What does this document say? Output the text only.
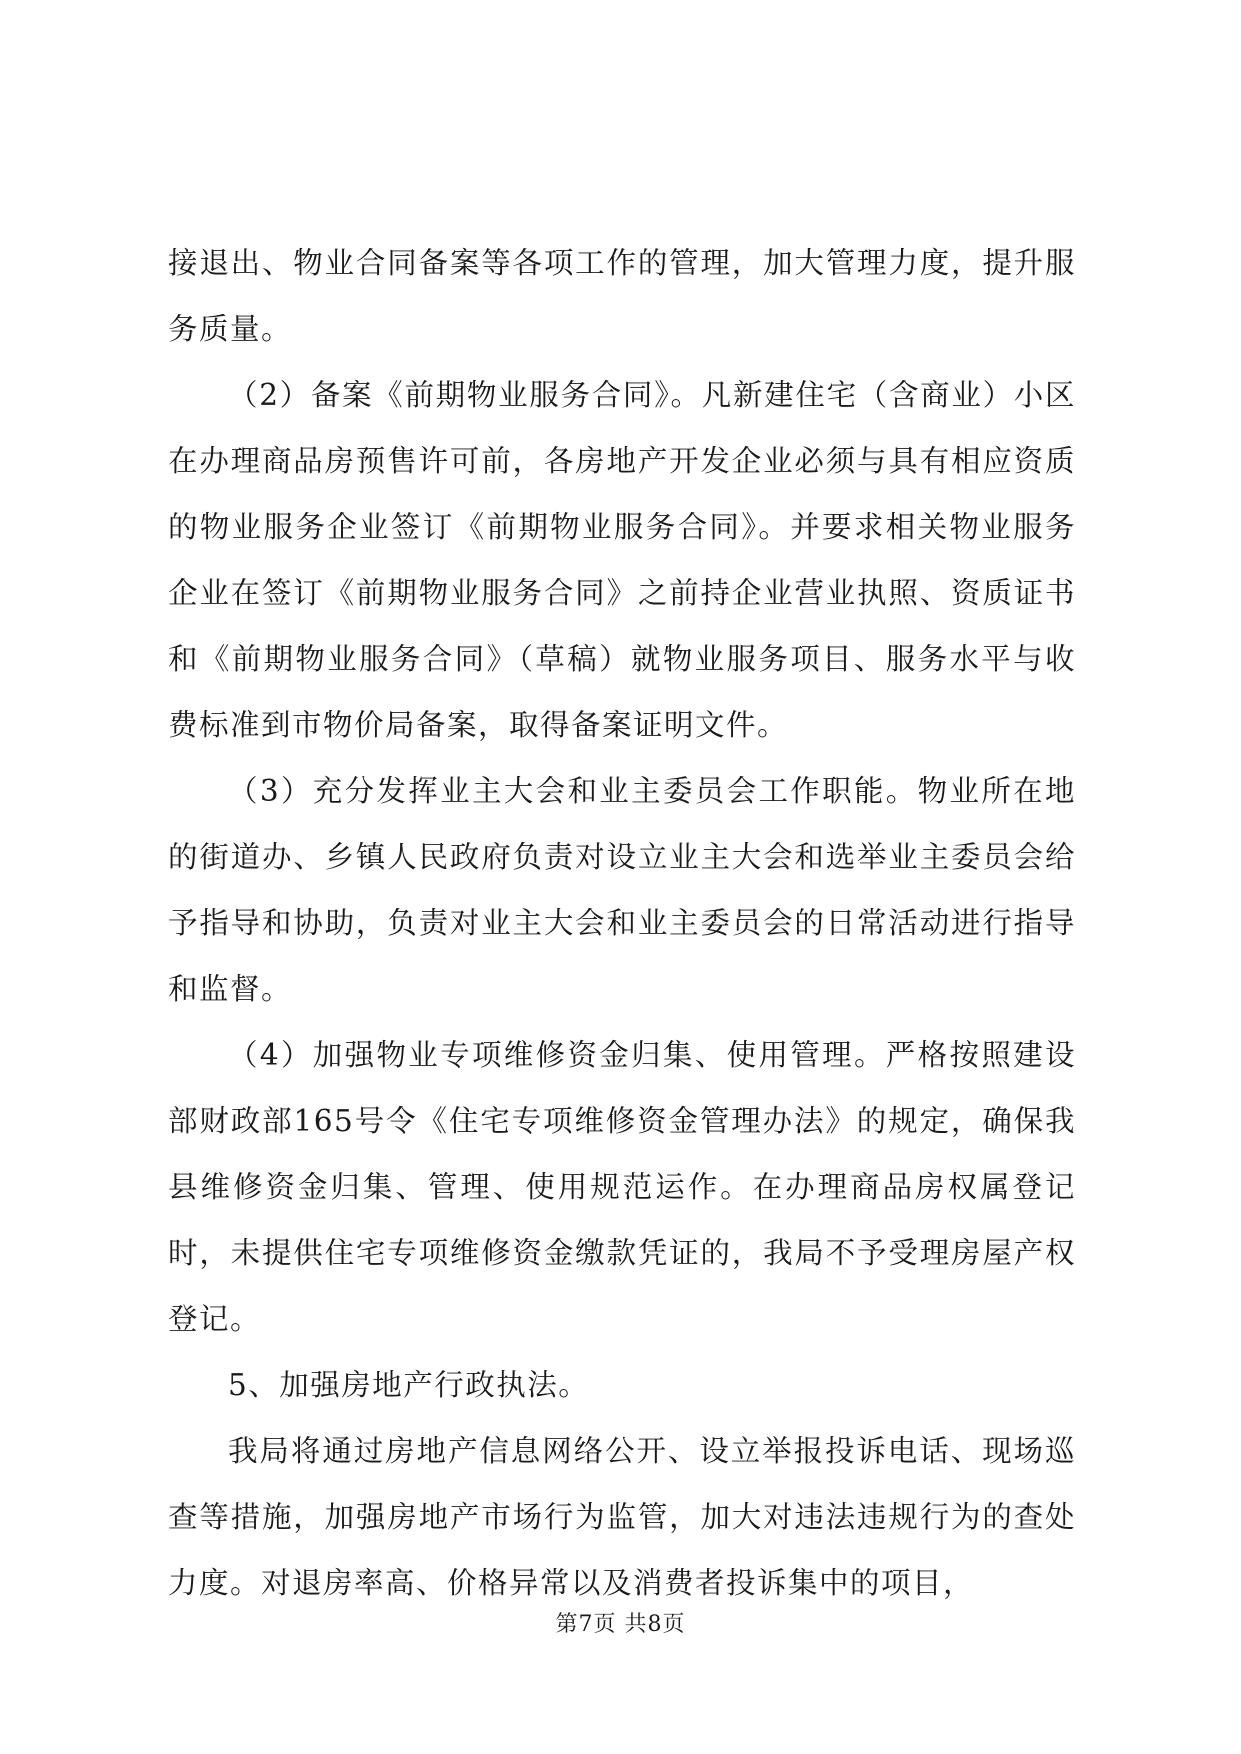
接退出、物业合同备案等各项工作的管理，加大管理力度，提升服务质量。

（2）备案《前期物业服务合同》。凡新建住宅（含商业）小区在办理商品房预售许可前，各房地产开发企业必须与具有相应资质的物业服务企业签订《前期物业服务合同》。并要求相关物业服务企业在签订《前期物业服务合同》之前持企业营业执照、资质证书和《前期物业服务合同》（草稿）就物业服务项目、服务水平与收费标准到市物价局备案，取得备案证明文件。

（3）充分发挥业主大会和业主委员会工作职能。物业所在地的街道办、乡镇人民政府负责对设立业主大会和选举业主委员会给予指导和协助，负责对业主大会和业主委员会的日常活动进行指导和监督。

（4）加强物业专项维修资金归集、使用管理。严格按照建设部财政部165号令《住宅专项维修资金管理办法》的规定，确保我县维修资金归集、管理、使用规范运作。在办理商品房权属登记时，未提供住宅专项维修资金缴款凭证的，我局不予受理房屋产权登记。

5、加强房地产行政执法。

我局将通过房地产信息网络公开、设立举报投诉电话、现场巡查等措施，加强房地产市场行为监管，加大对违法违规行为的查处力度。对退房率高、价格异常以及消费者投诉集中的项目，

第7页 共8页
